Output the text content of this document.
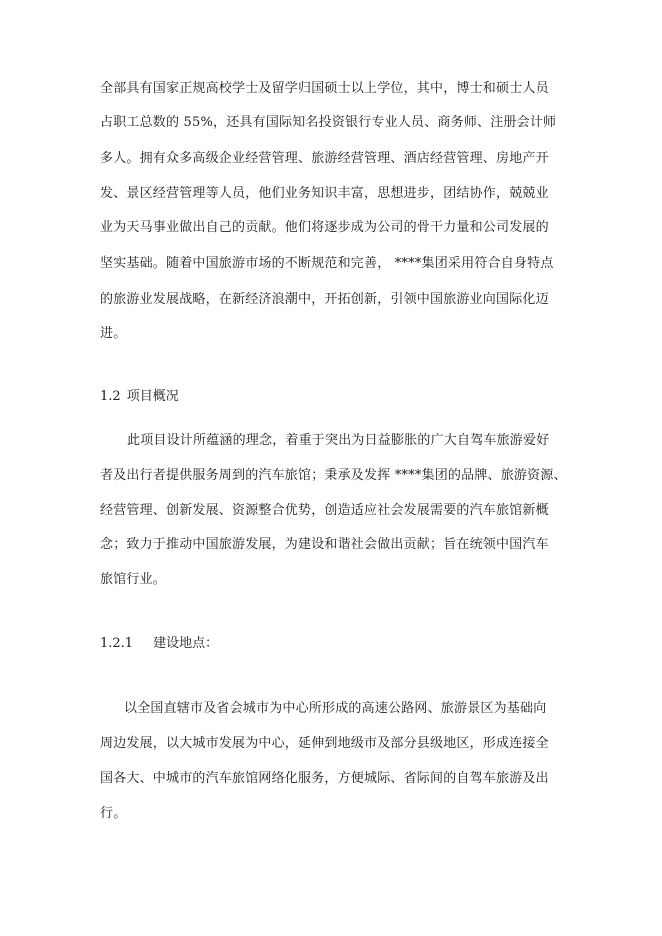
全部具有国家正规高校学士及留学归国硕士以上学位，其中，博士和硕士人员
占职工总数的 55%，还具有国际知名投资银行专业人员、商务师、注册会计师
多人。拥有众多高级企业经营管理、旅游经营管理、酒店经营管理、房地产开
发、景区经营管理等人员，他们业务知识丰富，思想进步，团结协作，兢兢业
业为天马事业做出自己的贡献。他们将逐步成为公司的骨干力量和公司发展的
坚实基础。随着中国旅游市场的不断规范和完善， ****集团采用符合自身特点
的旅游业发展战略，在新经济浪潮中，开拓创新，引领中国旅游业向国际化迈
进。
1.2 项目概况
此项目设计所蕴涵的理念，着重于突出为日益膨胀的广大自驾车旅游爱好
者及出行者提供服务周到的汽车旅馆；秉承及发挥 ****集团的品牌、旅游资源、
经营管理、创新发展、资源整合优势，创造适应社会发展需要的汽车旅馆新概
念；致力于推动中国旅游发展，为建设和谐社会做出贡献；旨在统领中国汽车
旅馆行业。
1.2.1 建设地点：
以全国直辖市及省会城市为中心所形成的高速公路网、旅游景区为基础向
周边发展，以大城市发展为中心，延伸到地级市及部分县级地区，形成连接全
国各大、中城市的汽车旅馆网络化服务，方便城际、省际间的自驾车旅游及出
行。
